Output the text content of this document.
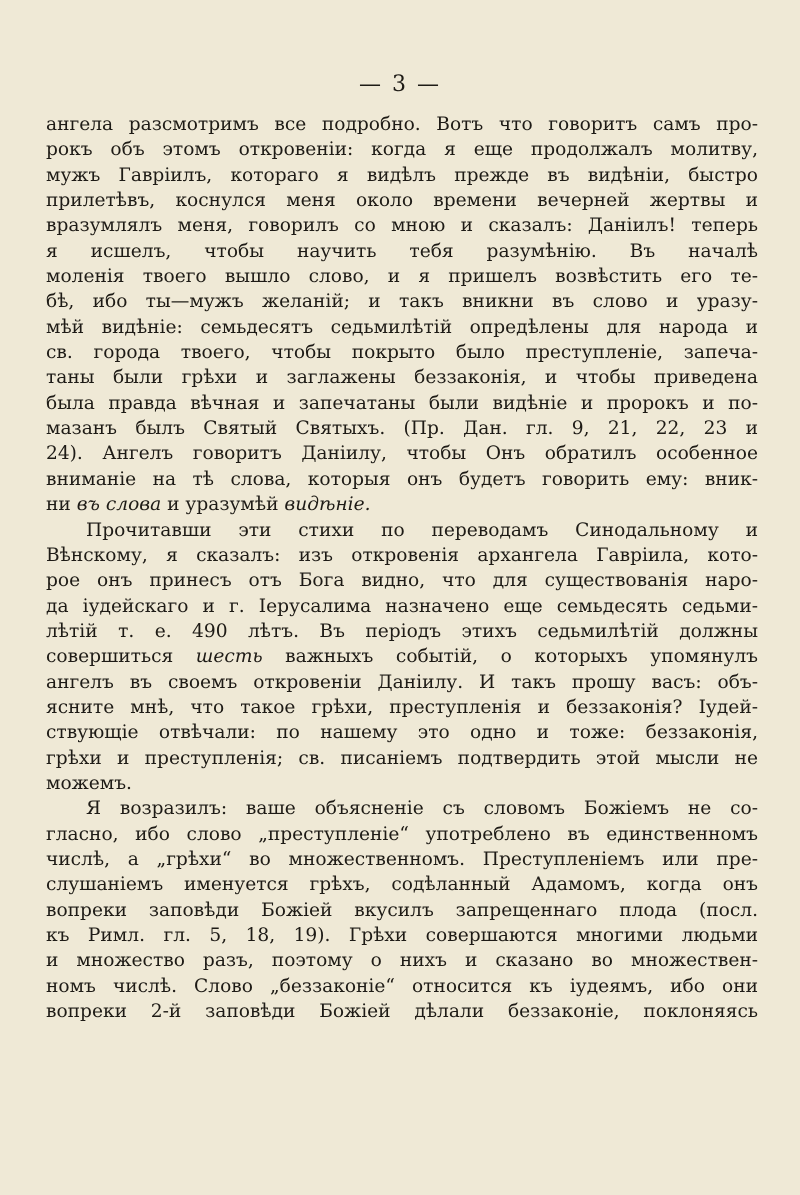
— 3 —
ангела разсмотримъ все подробно. Вотъ что говоритъ самъ про-
рокъ объ этомъ откровеніи: когда я еще продолжалъ молитву,
мужъ Гавріилъ, котораго я видѣлъ прежде въ видѣніи, быстро
прилетѣвъ, коснулся меня около времени вечерней жертвы и
вразумлялъ меня, говорилъ со мною и сказалъ: Даніилъ! теперь
я исшелъ, чтобы научить тебя разумѣнію. Въ началѣ
моленія твоего вышло слово, и я пришелъ возвѣстить его те-
бѣ, ибо ты—мужъ желаній; и такъ вникни въ слово и уразу-
мѣй видѣніе: семьдесятъ седьмилѣтій опредѣлены для народа и
св. города твоего, чтобы покрыто было преступленіе, запеча-
таны были грѣхи и заглажены беззаконія, и чтобы приведена
была правда вѣчная и запечатаны были видѣніе и пророкъ и по-
мазанъ былъ Святый Святыхъ. (Пр. Дан. гл. 9, 21, 22, 23 и
24). Ангелъ говоритъ Даніилу, чтобы Онъ обратилъ особенное
вниманіе на тѣ слова, которыя онъ будетъ говорить ему: вник-
ни въ слова и уразумѣй видѣніе.
Прочитавши эти стихи по переводамъ Синодальному и
Вѣнскому, я сказалъ: изъ откровенія архангела Гавріила, кото-
рое онъ принесъ отъ Бога видно, что для существованія наро-
да іудейскаго и г. Іерусалима назначено еще семьдесять седьми-
лѣтій т. е. 490 лѣтъ. Въ періодъ этихъ седьмилѣтій должны
совершиться шесть важныхъ событій, о которыхъ упомянулъ
ангелъ въ своемъ откровеніи Даніилу. И такъ прошу васъ: объ-
ясните мнѣ, что такое грѣхи, преступленія и беззаконія? Іудей-
ствующіе отвѣчали: по нашему это одно и тоже: беззаконія,
грѣхи и преступленія; св. писаніемъ подтвердить этой мысли не
можемъ.
Я возразилъ: ваше объясненіе съ словомъ Божіемъ не со-
гласно, ибо слово „преступленіе“ употреблено въ единственномъ
числѣ, а „грѣхи“ во множественномъ. Преступленіемъ или пре-
слушаніемъ именуется грѣхъ, содѣланный Адамомъ, когда онъ
вопреки заповѣди Божіей вкусилъ запрещеннаго плода (посл.
къ Римл. гл. 5, 18, 19). Грѣхи совершаются многими людьми
и множество разъ, поэтому о нихъ и сказано во множествен-
номъ числѣ. Слово „беззаконіе“ относится къ іудеямъ, ибо они
вопреки 2-й заповѣди Божіей дѣлали беззаконіе, поклоняясь
